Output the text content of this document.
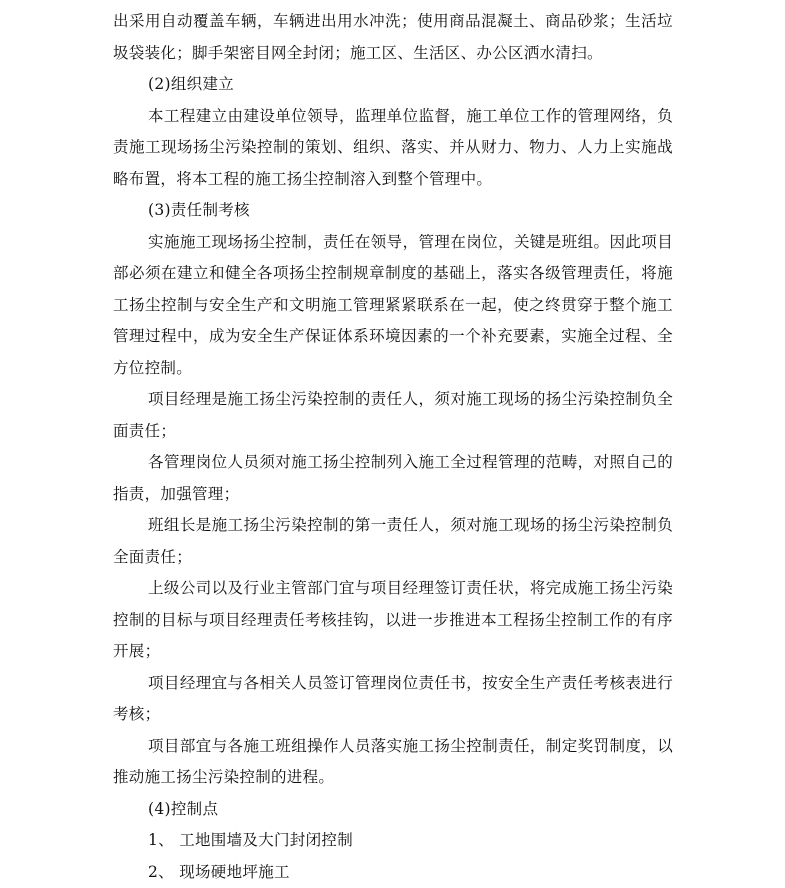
出采用自动覆盖车辆，车辆进出用水冲洗；使用商品混凝土、商品砂浆；生活垃圾袋装化；脚手架密目网全封闭；施工区、生活区、办公区洒水清扫。

(2)组织建立

本工程建立由建设单位领导，监理单位监督，施工单位工作的管理网络，负责施工现场扬尘污染控制的策划、组织、落实、并从财力、物力、人力上实施战略布置，将本工程的施工扬尘控制溶入到整个管理中。

(3)责任制考核

实施施工现场扬尘控制，责任在领导，管理在岗位，关键是班组。因此项目部必须在建立和健全各项扬尘控制规章制度的基础上，落实各级管理责任，将施工扬尘控制与安全生产和文明施工管理紧紧联系在一起，使之终贯穿于整个施工管理过程中，成为安全生产保证体系环境因素的一个补充要素，实施全过程、全方位控制。

项目经理是施工扬尘污染控制的责任人，须对施工现场的扬尘污染控制负全面责任；

各管理岗位人员须对施工扬尘控制列入施工全过程管理的范畴，对照自己的指责，加强管理；

班组长是施工扬尘污染控制的第一责任人，须对施工现场的扬尘污染控制负全面责任；

上级公司以及行业主管部门宜与项目经理签订责任状，将完成施工扬尘污染控制的目标与项目经理责任考核挂钩，以进一步推进本工程扬尘控制工作的有序开展；

项目经理宜与各相关人员签订管理岗位责任书，按安全生产责任考核表进行考核；

项目部宜与各施工班组操作人员落实施工扬尘控制责任，制定奖罚制度，以推动施工扬尘污染控制的进程。

(4)控制点

1、 工地围墙及大门封闭控制

2、 现场硬地坪施工
